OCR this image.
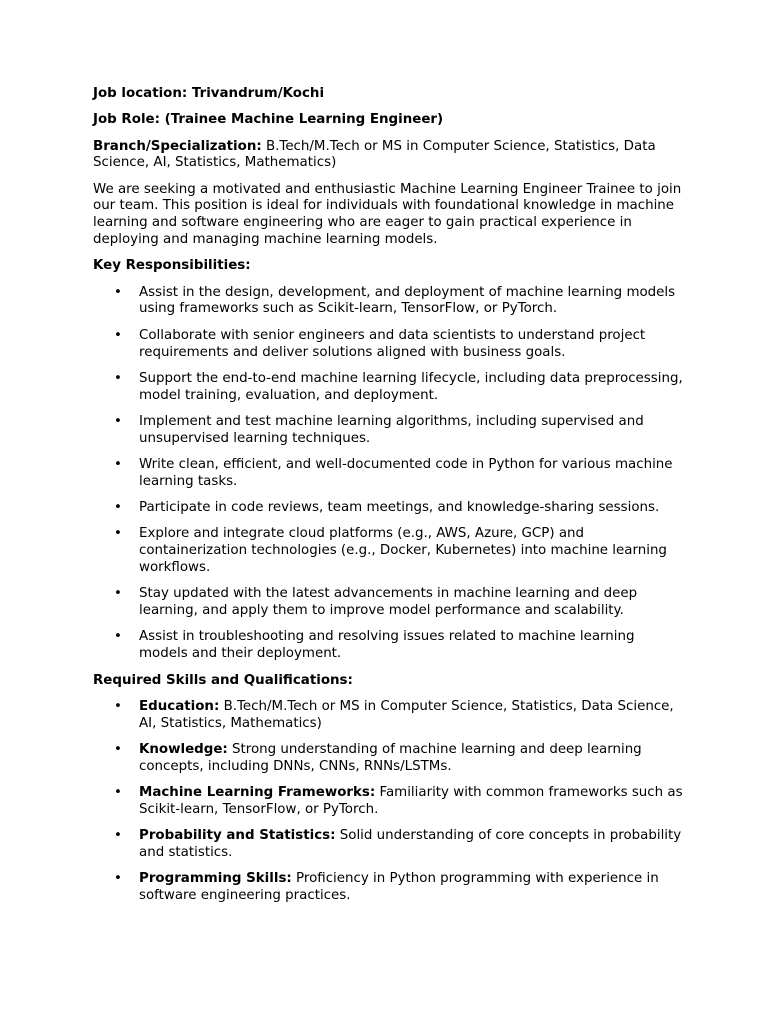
Job location: Trivandrum/Kochi

Job Role: (Trainee Machine Learning Engineer)

Branch/Specialization: B.Tech/M.Tech or MS in Computer Science, Statistics, Data Science, AI, Statistics, Mathematics)

We are seeking a motivated and enthusiastic Machine Learning Engineer Trainee to join our team. This position is ideal for individuals with foundational knowledge in machine learning and software engineering who are eager to gain practical experience in deploying and managing machine learning models.

Key Responsibilities:

• Assist in the design, development, and deployment of machine learning models using frameworks such as Scikit-learn, TensorFlow, or PyTorch.
• Collaborate with senior engineers and data scientists to understand project requirements and deliver solutions aligned with business goals.
• Support the end-to-end machine learning lifecycle, including data preprocessing, model training, evaluation, and deployment.
• Implement and test machine learning algorithms, including supervised and unsupervised learning techniques.
• Write clean, efficient, and well-documented code in Python for various machine learning tasks.
• Participate in code reviews, team meetings, and knowledge-sharing sessions.
• Explore and integrate cloud platforms (e.g., AWS, Azure, GCP) and containerization technologies (e.g., Docker, Kubernetes) into machine learning workflows.
• Stay updated with the latest advancements in machine learning and deep learning, and apply them to improve model performance and scalability.
• Assist in troubleshooting and resolving issues related to machine learning models and their deployment.

Required Skills and Qualifications:

• Education: B.Tech/M.Tech or MS in Computer Science, Statistics, Data Science, AI, Statistics, Mathematics)
• Knowledge: Strong understanding of machine learning and deep learning concepts, including DNNs, CNNs, RNNs/LSTMs.
• Machine Learning Frameworks: Familiarity with common frameworks such as Scikit-learn, TensorFlow, or PyTorch.
• Probability and Statistics: Solid understanding of core concepts in probability and statistics.
• Programming Skills: Proficiency in Python programming with experience in software engineering practices.
